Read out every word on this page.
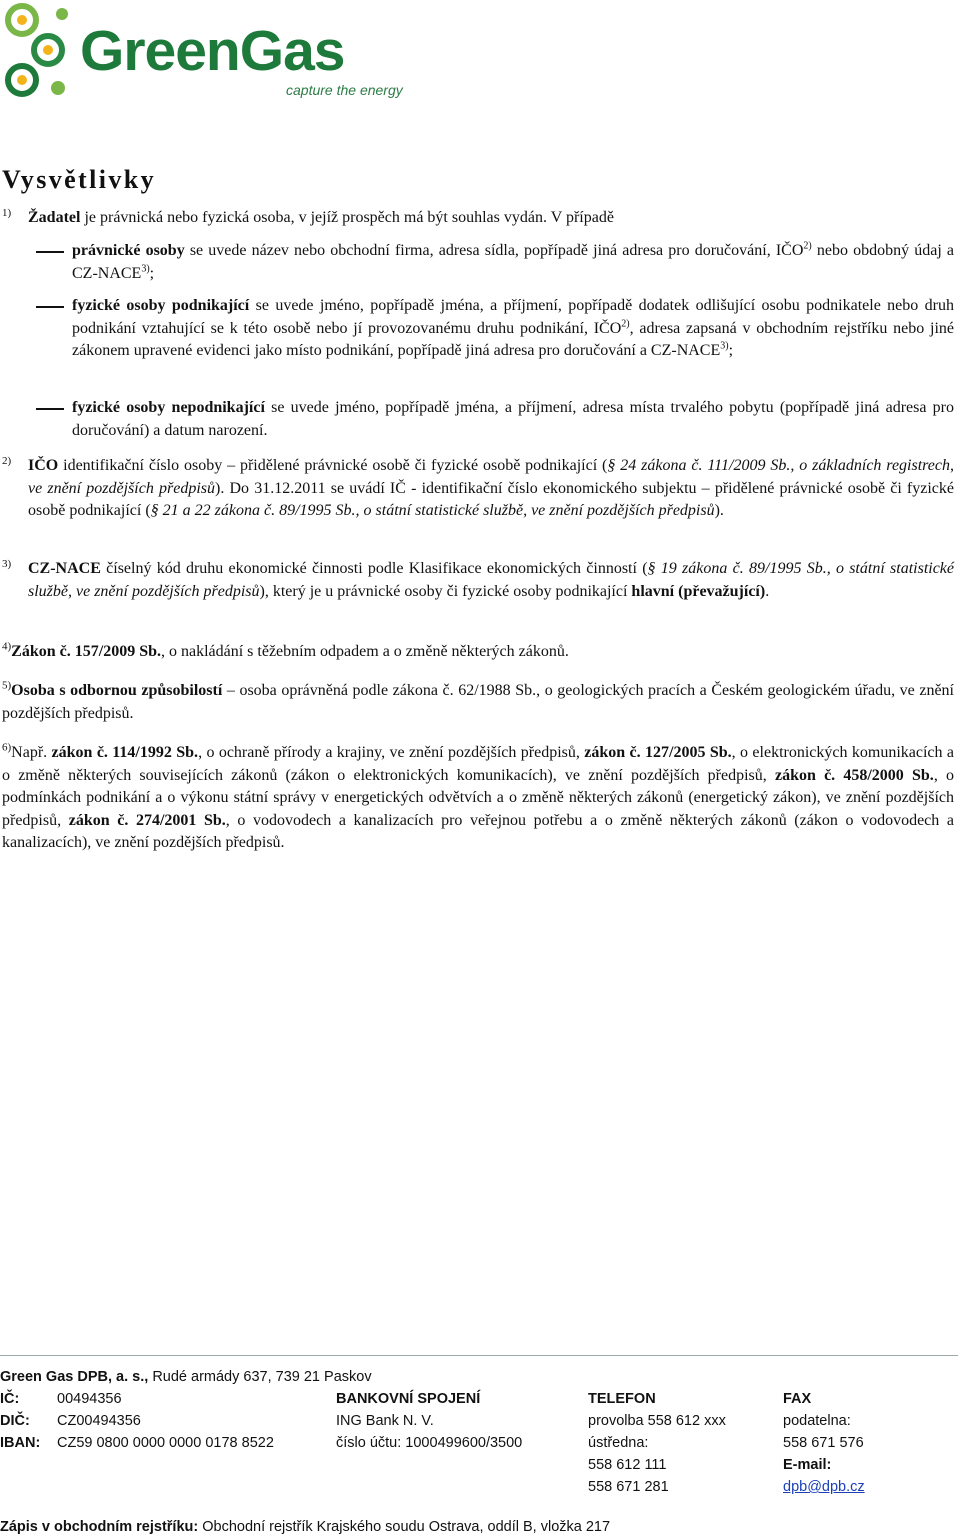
GreenGas
capture the energy
Vysvětlivky
1) Žadatel je právnická nebo fyzická osoba, v jejíž prospěch má být souhlas vydán. V případě
právnické osoby se uvede název nebo obchodní firma, adresa sídla, popřípadě jiná adresa pro doručování, IČO$^{2)}$ nebo obdobný údaj a CZ-NACE$^{3)}$;
fyzické osoby podnikající se uvede jméno, popřípadě jména, a příjmení, popřípadě dodatek odlišující osobu podnikatele nebo druh podnikání vztahující se k této osobě nebo jí provozovanému druhu podnikání, IČO$^{2)}$, adresa zapsaná v obchodním rejstříku nebo jiné zákonem upravené evidenci jako místo podnikání, popřípadě jiná adresa pro doručování a CZ-NACE$^{3)}$;
fyzické osoby nepodnikající se uvede jméno, popřípadě jména, a příjmení, adresa místa trvalého pobytu (popřípadě jiná adresa pro doručování) a datum narození.
2) IČO identifikační číslo osoby – přidělené právnické osobě či fyzické osobě podnikající (§ 24 zákona č. 111/2009 Sb., o základních registrech, ve znění pozdějších předpisů). Do 31.12.2011 se uvádí IČ - identifikační číslo ekonomického subjektu – přidělené právnické osobě či fyzické osobě podnikající (§ 21 a 22 zákona č. 89/1995 Sb., o státní statistické službě, ve znění pozdějších předpisů).
3) CZ-NACE číselný kód druhu ekonomické činnosti podle Klasifikace ekonomických činností (§ 19 zákona č. 89/1995 Sb., o státní statistické službě, ve znění pozdějších předpisů), který je u právnické osoby či fyzické osoby podnikající hlavní (převažující).
$^{4)}$Zákon č. 157/2009 Sb., o nakládání s těžebním odpadem a o změně některých zákonů.
$^{5)}$Osoba s odbornou způsobilostí – osoba oprávněná podle zákona č. 62/1988 Sb., o geologických pracích a Českém geologickém úřadu, ve znění pozdějších předpisů.
$^{6)}$Např. zákon č. 114/1992 Sb., o ochraně přírody a krajiny, ve znění pozdějších předpisů, zákon č. 127/2005 Sb., o elektronických komunikacích a o změně některých souvisejících zákonů (zákon o elektronických komunikacích), ve znění pozdějších předpisů, zákon č. 458/2000 Sb., o podmínkách podnikání a o výkonu státní správy v energetických odvětvích a o změně některých zákonů (energetický zákon), ve znění pozdějších předpisů, zákon č. 274/2001 Sb., o vodovodech a kanalizacích pro veřejnou potřebu a o změně některých zákonů (zákon o vodovodech a kanalizacích), ve znění pozdějších předpisů.
Green Gas DPB, a. s., Rudé armády 637, 739 21 Paskov
IČ:	00494356
DIČ: CZ00494356
IBAN: CZ59 0800 0000 0000 0178 8522
BANKOVNÍ SPOJENÍ
ING Bank N. V.
číslo účtu: 1000499600/3500
TELEFON
provolba 558 612 xxx
ústředna:
558 612 111
558 671 281
FAX
podatelna:
558 671 576
E-mail:
dpb@dpb.cz
Zápis v obchodním rejstříku: Obchodní rejstřík Krajského soudu Ostrava, oddíl B, vložka 217
